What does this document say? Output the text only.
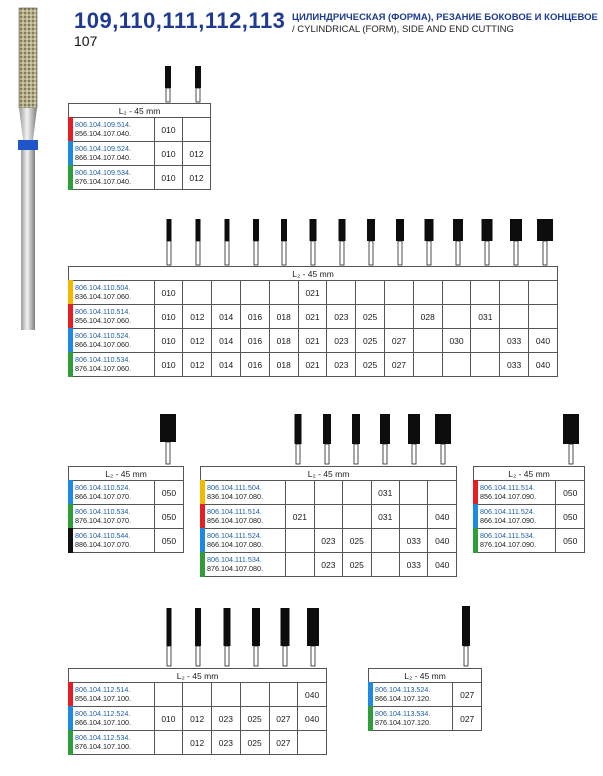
109,110,111,112,113
107
ЦИЛИНДРИЧЕСКАЯ (ФОРМА), РЕЗАНИЕ БОКОВОЕ И КОНЦЕВОЕ
/ CYLINDRICAL (FORM), SIDE AND END CUTTING
L₂ - 45 mm		

806.104.109.514.
856.104.107.040.	010	

806.104.109.524.
866.104.107.040.	010	012

806.104.109.534.
876.104.107.040.	010	012
L₂ - 45 mm														

806.104.110.504.
836.104.107.060.	010					021								

806.104.110.514.
856.104.107.060.	010	012	014	016	018	021	023	025		028		031		

806.104.110.524.
866.104.107.060.	010	012	014	016	018	021	023	025	027		030		033	040

806.104.110.534.
876.104.107.060.	010	012	014	016	018	021	023	025	027				033	040
L₂ - 45 mm	

806.104.110.524.
866.104.107.070.	050

806.104.110.534.
876.104.107.070.	050

806.104.110.544.
886.104.107.070.	050
L₂ - 45 mm						

806.104.111.504.
836.104.107.080.				031		

806.104.111.514.
856.104.107.080.	021			031		040

806.104.111.524.
866.104.107.080.		023	025		033	040

806.104.111.534.
876.104.107.080.		023	025		033	040
L₂ - 45 mm	

806.104.111.514.
856.104.107.090.	050

806.104.111.524.
866.104.107.090.	050

806.104.111.534.
876.104.107.090.	050
L₂ - 45 mm						

806.104.112.514.
856.104.107.100.						040

806.104.112.524.
866.104.107.100.	010	012	023	025	027	040

806.104.112.534.
876.104.107.100.		012	023	025	027	
L₂ - 45 mm	

806.104.113.524.
866.104.107.120.	027

806.104.113.534.
876.104.107.120.	027
